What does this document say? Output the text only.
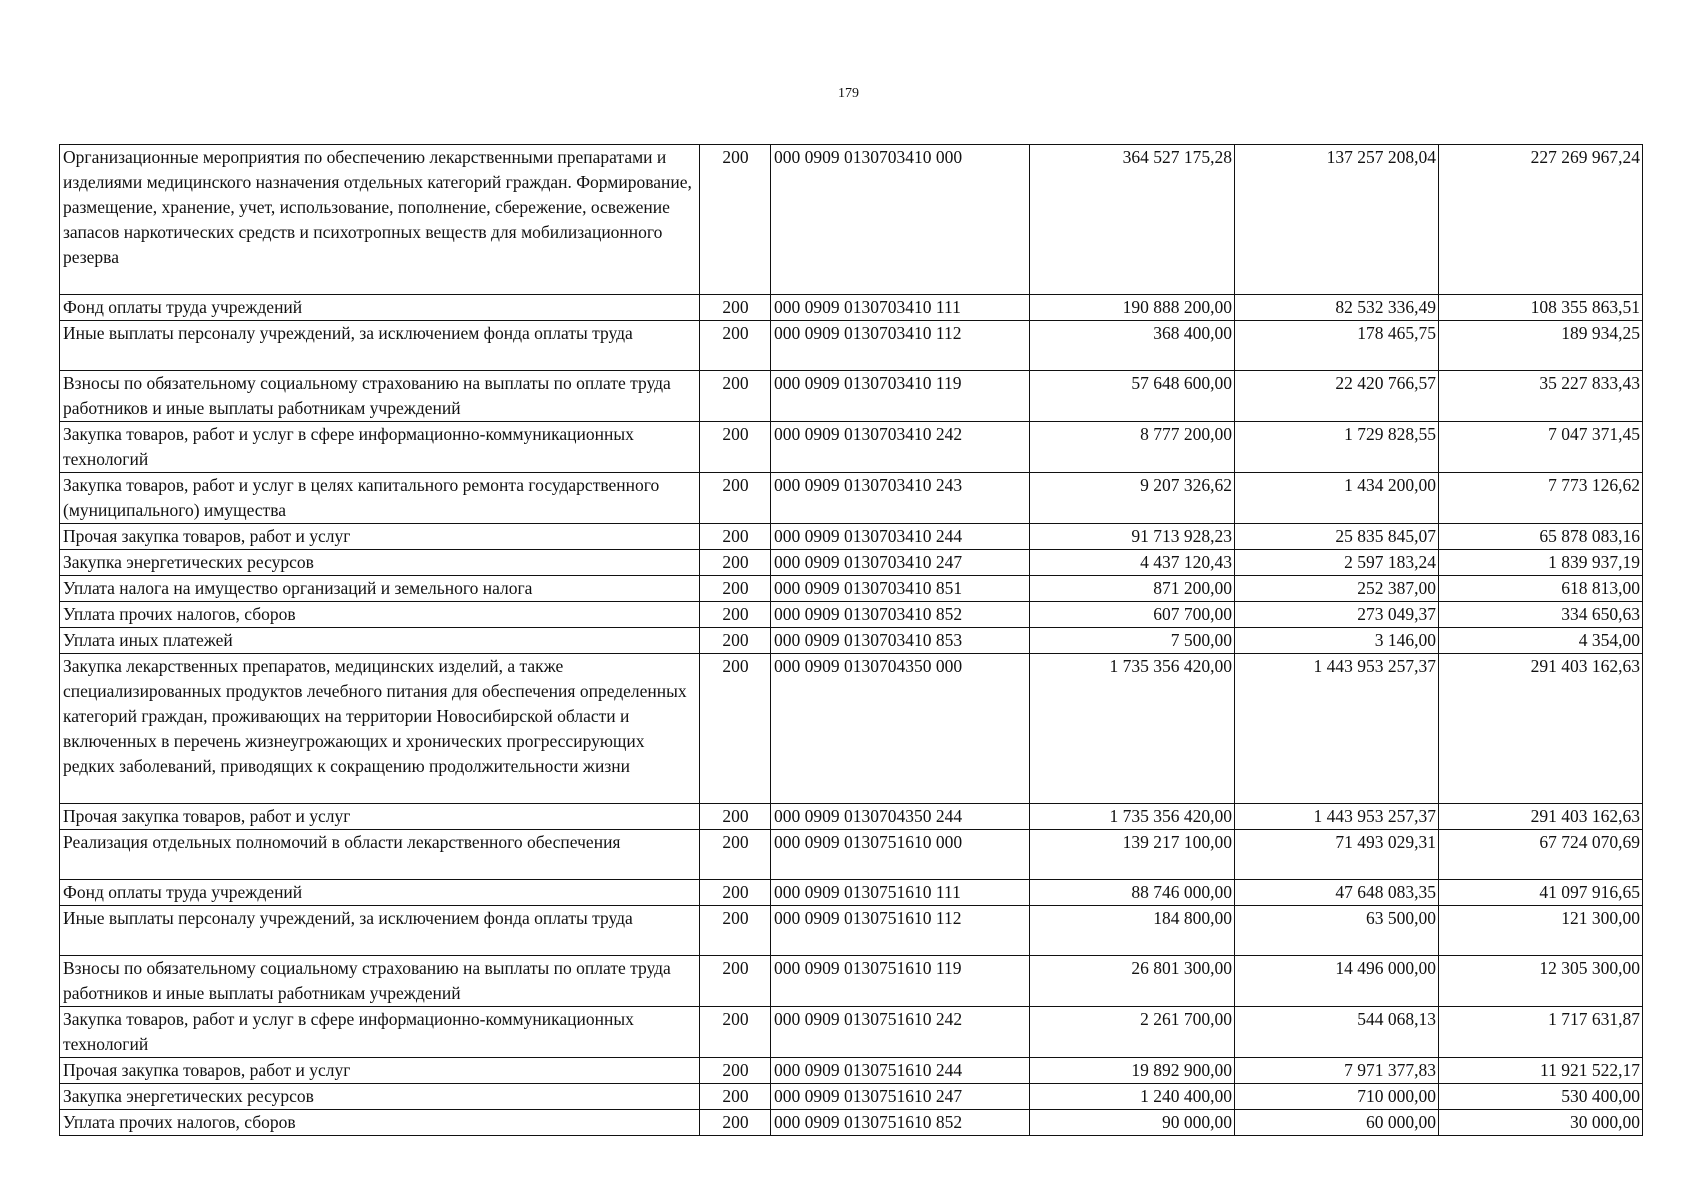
179
Организационные мероприятия по обеспечению лекарственными препаратами и изделиями медицинского назначения отдельных категорий граждан. Формирование, размещение, хранение, учет, использование, пополнение, сбережение, освежение запасов наркотических средств и психотропных веществ для мобилизационного резерва	200	000 0909 0130703410 000	364 527 175,28	137 257 208,04	227 269 967,24
Фонд оплаты труда учреждений	200	000 0909 0130703410 111	190 888 200,00	82 532 336,49	108 355 863,51
Иные выплаты персоналу учреждений, за исключением фонда оплаты труда	200	000 0909 0130703410 112	368 400,00	178 465,75	189 934,25
Взносы по обязательному социальному страхованию на выплаты по оплате труда работников и иные выплаты работникам учреждений	200	000 0909 0130703410 119	57 648 600,00	22 420 766,57	35 227 833,43
Закупка товаров, работ и услуг в сфере информационно-коммуникационных технологий	200	000 0909 0130703410 242	8 777 200,00	1 729 828,55	7 047 371,45
Закупка товаров, работ и услуг в целях капитального ремонта государственного (муниципального) имущества	200	000 0909 0130703410 243	9 207 326,62	1 434 200,00	7 773 126,62
Прочая закупка товаров, работ и услуг	200	000 0909 0130703410 244	91 713 928,23	25 835 845,07	65 878 083,16
Закупка энергетических ресурсов	200	000 0909 0130703410 247	4 437 120,43	2 597 183,24	1 839 937,19
Уплата налога на имущество организаций и земельного налога	200	000 0909 0130703410 851	871 200,00	252 387,00	618 813,00
Уплата прочих налогов, сборов	200	000 0909 0130703410 852	607 700,00	273 049,37	334 650,63
Уплата иных платежей	200	000 0909 0130703410 853	7 500,00	3 146,00	4 354,00
Закупка лекарственных препаратов, медицинских изделий, а также специализированных продуктов лечебного питания для обеспечения определенных категорий граждан, проживающих на территории Новосибирской области и включенных в перечень жизнеугрожающих и хронических прогрессирующих редких заболеваний, приводящих к сокращению продолжительности жизни	200	000 0909 0130704350 000	1 735 356 420,00	1 443 953 257,37	291 403 162,63
Прочая закупка товаров, работ и услуг	200	000 0909 0130704350 244	1 735 356 420,00	1 443 953 257,37	291 403 162,63
Реализация отдельных полномочий в области лекарственного обеспечения	200	000 0909 0130751610 000	139 217 100,00	71 493 029,31	67 724 070,69
Фонд оплаты труда учреждений	200	000 0909 0130751610 111	88 746 000,00	47 648 083,35	41 097 916,65
Иные выплаты персоналу учреждений, за исключением фонда оплаты труда	200	000 0909 0130751610 112	184 800,00	63 500,00	121 300,00
Взносы по обязательному социальному страхованию на выплаты по оплате труда работников и иные выплаты работникам учреждений	200	000 0909 0130751610 119	26 801 300,00	14 496 000,00	12 305 300,00
Закупка товаров, работ и услуг в сфере информационно-коммуникационных технологий	200	000 0909 0130751610 242	2 261 700,00	544 068,13	1 717 631,87
Прочая закупка товаров, работ и услуг	200	000 0909 0130751610 244	19 892 900,00	7 971 377,83	11 921 522,17
Закупка энергетических ресурсов	200	000 0909 0130751610 247	1 240 400,00	710 000,00	530 400,00
Уплата прочих налогов, сборов	200	000 0909 0130751610 852	90 000,00	60 000,00	30 000,00
